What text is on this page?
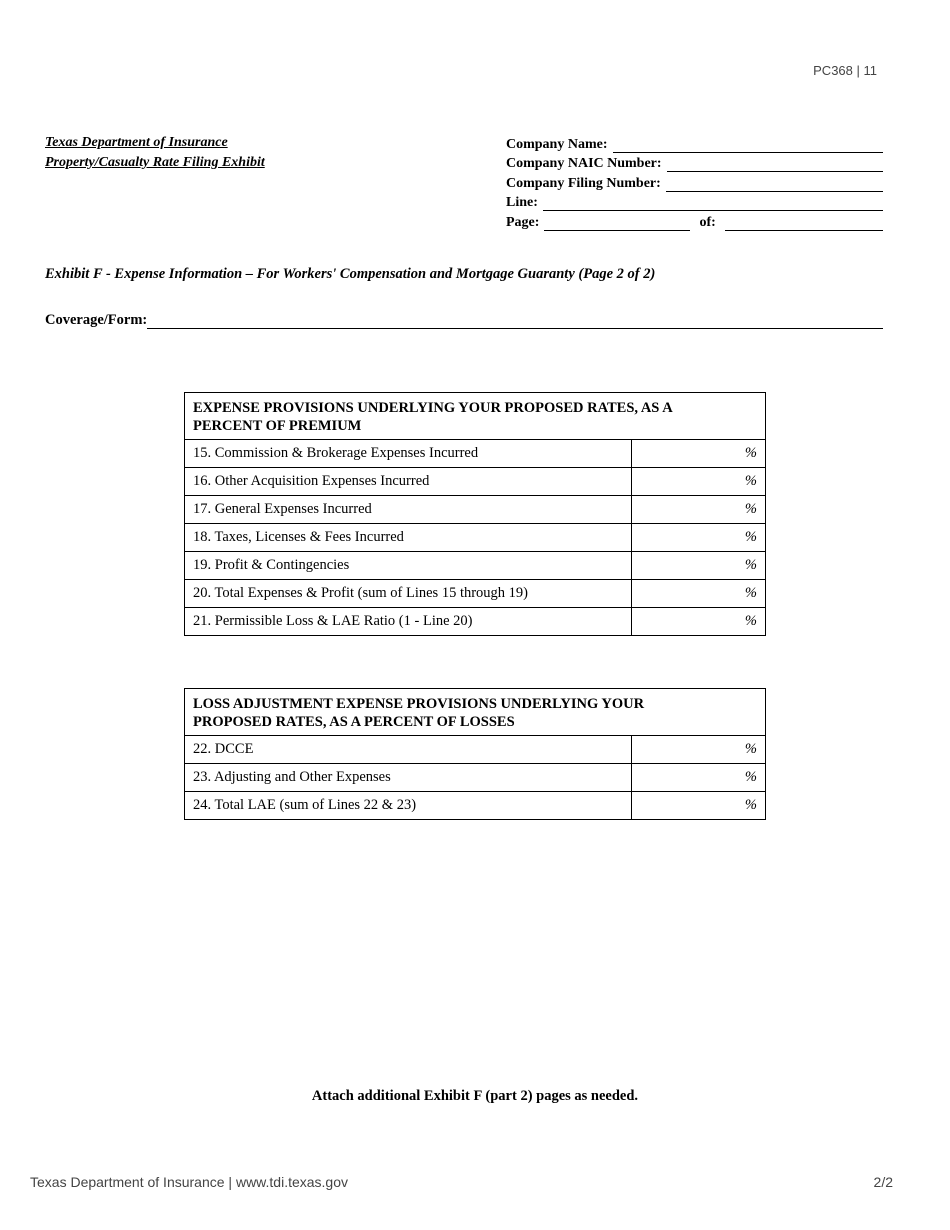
PC368 | 11
Texas Department of Insurance
Property/Casualty Rate Filing Exhibit
Company Name:
Company NAIC Number:
Company Filing Number:
Line:
Page:	of:
Exhibit F - Expense Information – For Workers' Compensation and Mortgage Guaranty (Page 2 of 2)
Coverage/Form:
EXPENSE PROVISIONS UNDERLYING YOUR PROPOSED RATES, AS A
PERCENT OF PREMIUM	

15. Commission & Brokerage Expenses Incurred	%
16. Other Acquisition Expenses Incurred	%
17. General Expenses Incurred	%
18. Taxes, Licenses & Fees Incurred	%
19. Profit & Contingencies	%
20. Total Expenses & Profit (sum of Lines 15 through 19)	%
21. Permissible Loss & LAE Ratio (1 - Line 20)	%
LOSS ADJUSTMENT EXPENSE PROVISIONS UNDERLYING YOUR
PROPOSED RATES, AS A PERCENT OF LOSSES	

22. DCCE	%
23. Adjusting and Other Expenses	%
24. Total LAE (sum of Lines 22 & 23)	%
Attach additional Exhibit F (part 2) pages as needed.
Texas Department of Insurance | www.tdi.texas.gov	2/2
